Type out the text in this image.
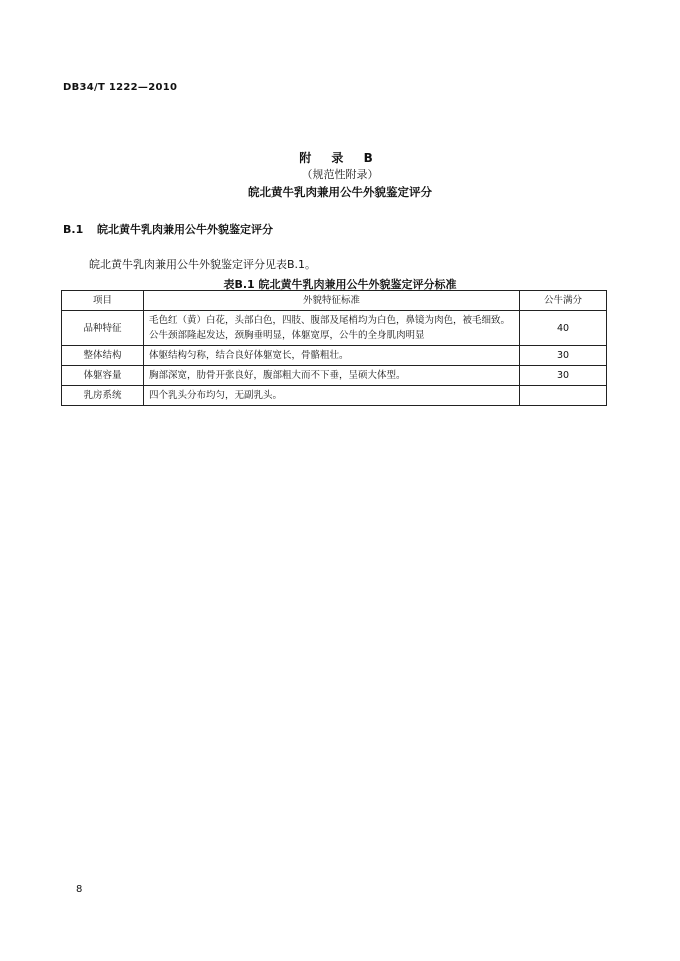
DB34/T 1222—2010
附 录 B
（规范性附录）
皖北黄牛乳肉兼用公牛外貌鉴定评分
B.1 皖北黄牛乳肉兼用公牛外貌鉴定评分
皖北黄牛乳肉兼用公牛外貌鉴定评分见表B.1。
表B.1 皖北黄牛乳肉兼用公牛外貌鉴定评分标准
项目	外貌特征标准	公牛满分
品种特征	毛色红（黄）白花，头部白色，四肢、腹部及尾梢均为白色，鼻镜为肉色，被毛细致。公牛颈部隆起发达，颈胸垂明显，体躯宽厚，公牛的全身肌肉明显	40
整体结构	体躯结构匀称，结合良好体躯宽长，骨骼粗壮。	30
体躯容量	胸部深宽，肋骨开张良好，腹部粗大而不下垂，呈硕大体型。	30
乳房系统	四个乳头分布均匀，无副乳头。	
8
